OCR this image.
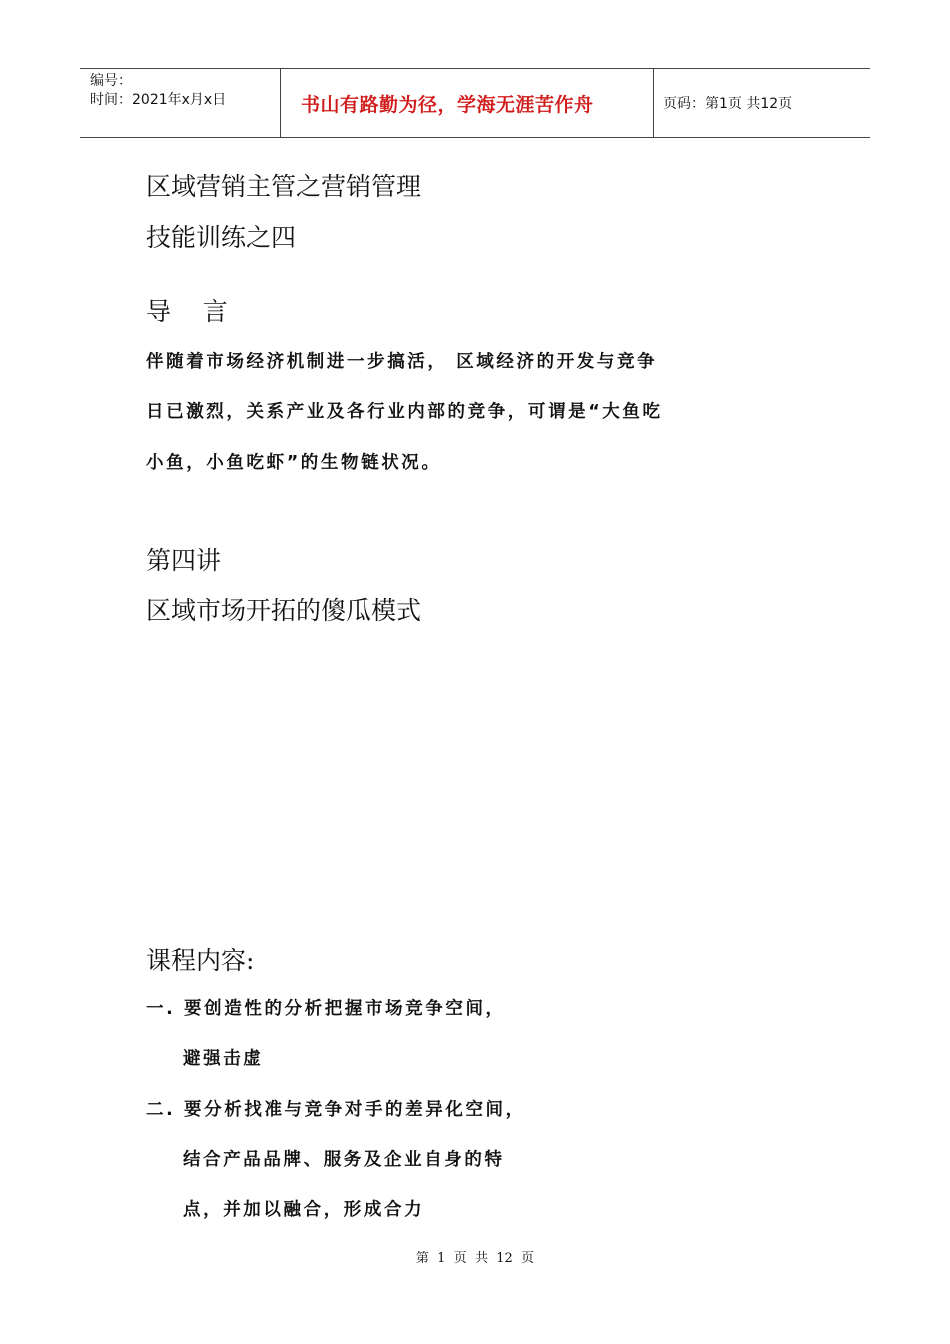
编号：
时间：2021年x月x日	书山有路勤为径，学海无涯苦作舟	页码：第1页 共12页

区域营销主管之营销管理

技能训练之四

导    言

伴随着市场经济机制进一步搞活， 区域经济的开发与竞争

日已激烈，关系产业及各行业内部的竞争，可谓是“大鱼吃

小鱼，小鱼吃虾”的生物链状况。

第四讲

区域市场开拓的傻瓜模式

课程内容:

一. 要创造性的分析把握市场竞争空间，

避强击虚

二. 要分析找准与竞争对手的差异化空间，

结合产品品牌、服务及企业自身的特

点，并加以融合，形成合力

第  1  页  共  12  页
